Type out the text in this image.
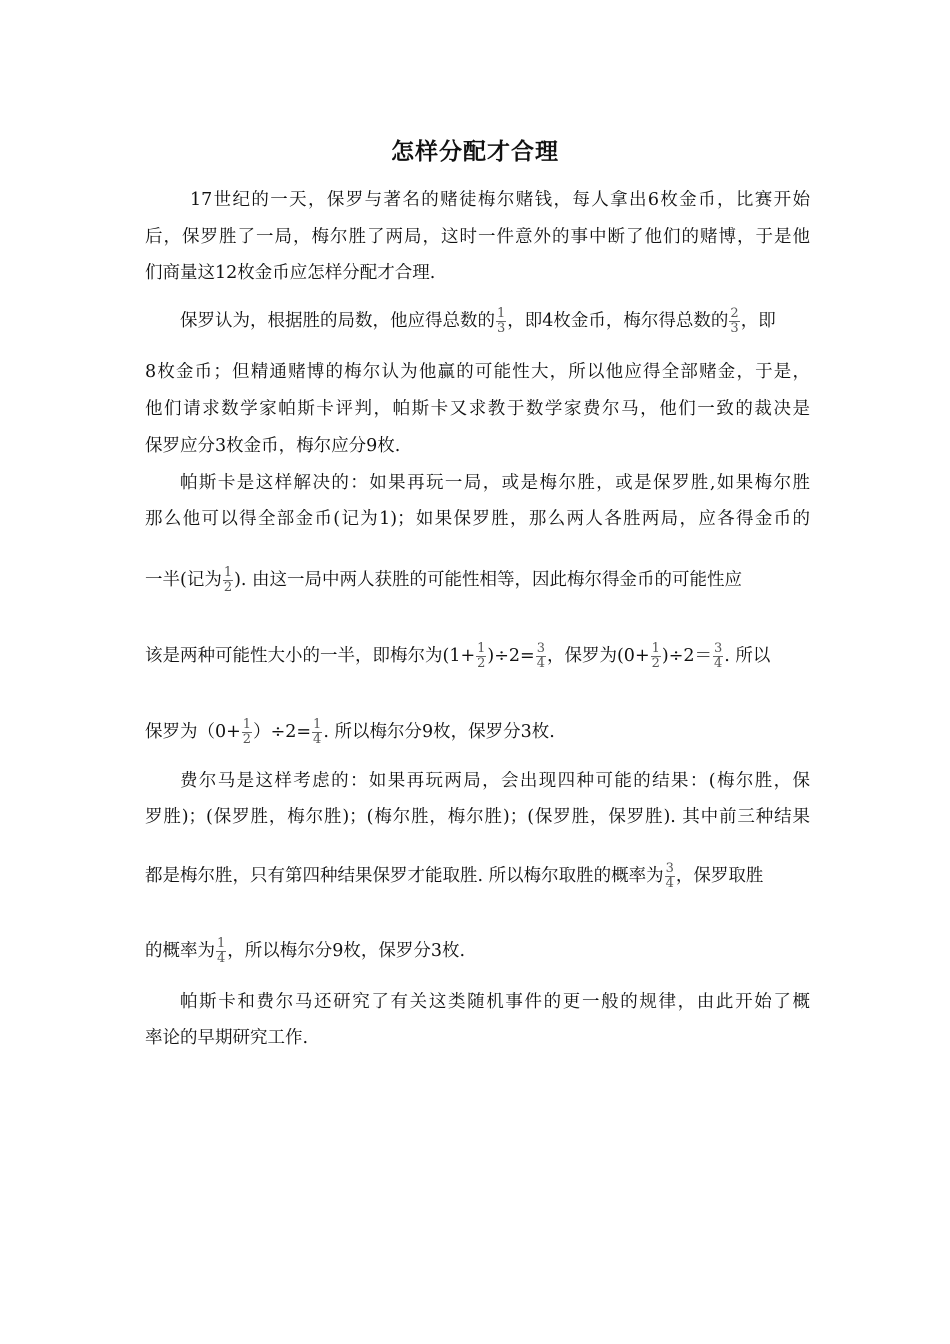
怎样分配才合理
17世纪的一天，保罗与著名的赌徒梅尔赌钱，每人拿出6枚金币，比赛开始
后，保罗胜了一局，梅尔胜了两局，这时一件意外的事中断了他们的赌博，于是他
们商量这12枚金币应怎样分配才合理.
保罗认为，根据胜的局数，他应得总数的 $\frac{1}{3}$ ，即4枚金币，梅尔得总数的 $\frac{2}{3}$ ，即
8枚金币；但精通赌博的梅尔认为他赢的可能性大，所以他应得全部赌金，于是，
他们请求数学家帕斯卡评判，帕斯卡又求教于数学家费尔马，他们一致的裁决是
保罗应分3枚金币，梅尔应分9枚.
帕斯卡是这样解决的：如果再玩一局，或是梅尔胜，或是保罗胜,如果梅尔胜
那么他可以得全部金币(记为1)；如果保罗胜，那么两人各胜两局，应各得金币的
一半(记为 $\frac{1}{2}$ ). 由这一局中两人获胜的可能性相等，因此梅尔得金币的可能性应
该是两种可能性大小的一半，即梅尔为$(1+ \frac{1}{2} )\div 2= \frac{3}{4}$ ，保罗为$(0+ \frac{1}{2} )\div 2= \frac{3}{4}$ . 所以
保罗为$(0+ \frac{1}{2} )\div 2= \frac{1}{4}$ . 所以梅尔分9枚，保罗分3枚.
费尔马是这样考虑的：如果再玩两局，会出现四种可能的结果：(梅尔胜，保
罗胜)；(保罗胜，梅尔胜)；(梅尔胜，梅尔胜)；(保罗胜，保罗胜). 其中前三种结果
都是梅尔胜，只有第四种结果保罗才能取胜. 所以梅尔取胜的概率为 $\frac{3}{4}$ ，保罗取胜
的概率为 $\frac{1}{4}$ ，所以梅尔分9枚，保罗分3枚.
帕斯卡和费尔马还研究了有关这类随机事件的更一般的规律，由此开始了概
率论的早期研究工作.
